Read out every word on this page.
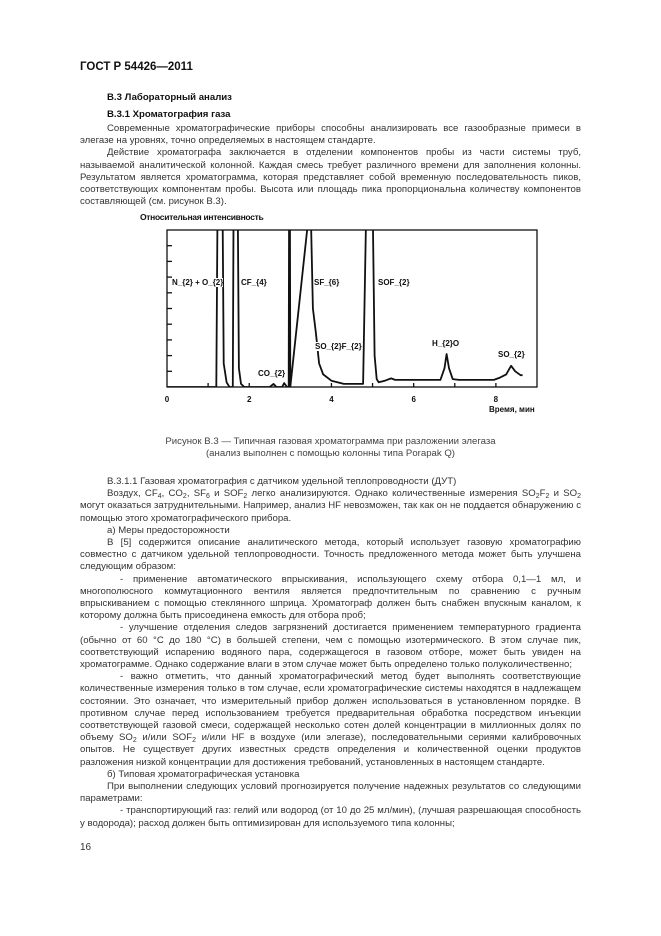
ГОСТ Р 54426—2011
В.3 Лабораторный анализ
В.3.1 Хроматография газа

Современные хроматографические приборы способны анализировать все газообразные примеси в элегазе на уровнях, точно определяемых в настоящем стандарте.

Действие хроматографа заключается в отделении компонентов пробы из части системы труб, называемой аналитической колонной. Каждая смесь требует различного времени для заполнения колонны. Результатом является хроматограмма, которая представляет собой временную последовательность пиков, соответствующих компонентам пробы. Высота или площадь пика пропорциональна количеству компонентов составляющей (см. рисунок В.3).

Относительная интенсивность
0	2	4	6	8
N_{2} + O_{2} CF_{4}
CO_{2}
SF_{6}
SO_{2}F_{2}
SOF_{2}
H_{2}O
SO_{2}
Время, мин
Рисунок В.3 — Типичная газовая хроматограмма при разложении элегаза
(анализ выполнен с помощью колонны типа Porapak Q)

В.3.1.1 Газовая хроматография с датчиком удельной теплопроводности (ДУТ)

Воздух, $CF_4$, $CO_2$, $SF_6$ и $SOF_2$ легко анализируются. Однако количественные измерения $SO_2F_2$ и $SO_2$ могут оказаться затруднительными. Например, анализ HF невозможен, так как он не поддается обнаружению с помощью этого хроматографического прибора.

а) Меры предосторожности

В [5] содержится описание аналитического метода, который использует газовую хроматографию совместно с датчиком удельной теплопроводности. Точность предложенного метода может быть улучшена следующим образом:

- применение автоматического впрыскивания, использующего схему отбора 0,1—1 мл, и многополюсного коммутационного вентиля является предпочтительным по сравнению с ручным впрыскиванием с помощью стеклянного шприца. Хроматограф должен быть снабжен впускным каналом, к которому должна быть присоединена емкость для отбора проб;

- улучшение отделения следов загрязнений достигается применением температурного градиента (обычно от 60 °С до 180 °С) в большей степени, чем с помощью изотермического. В этом случае пик, соответствующий испарению водяного пара, содержащегося в газовом отборе, может быть увиден на хроматограмме. Однако содержание влаги в этом случае может быть определено только полуколичественно;

- важно отметить, что данный хроматографический метод будет выполнять соответствующие количественные измерения только в том случае, если хроматографические системы находятся в надлежащем состоянии. Это означает, что измерительный прибор должен использоваться в установленном порядке. В противном случае перед использованием требуется предварительная обработка посредством инъекции соответствующей газовой смеси, содержащей несколько сотен долей концентрации в миллионных долях по объему $SO_2$ и/или $SOF_2$ и/или HF в воздухе (или элегазе), последовательными сериями калибровочных опытов. Не существует других известных средств определения и количественной оценки продуктов разложения низкой концентрации для достижения требований, установленных в настоящем стандарте.

б) Типовая хроматографическая установка

При выполнении следующих условий прогнозируется получение надежных результатов со следующими параметрами:

- транспортирующий газ: гелий или водород (от 10 до 25 мл/мин), (лучшая разрешающая способность у водорода); расход должен быть оптимизирован для используемого типа колонны;

16
